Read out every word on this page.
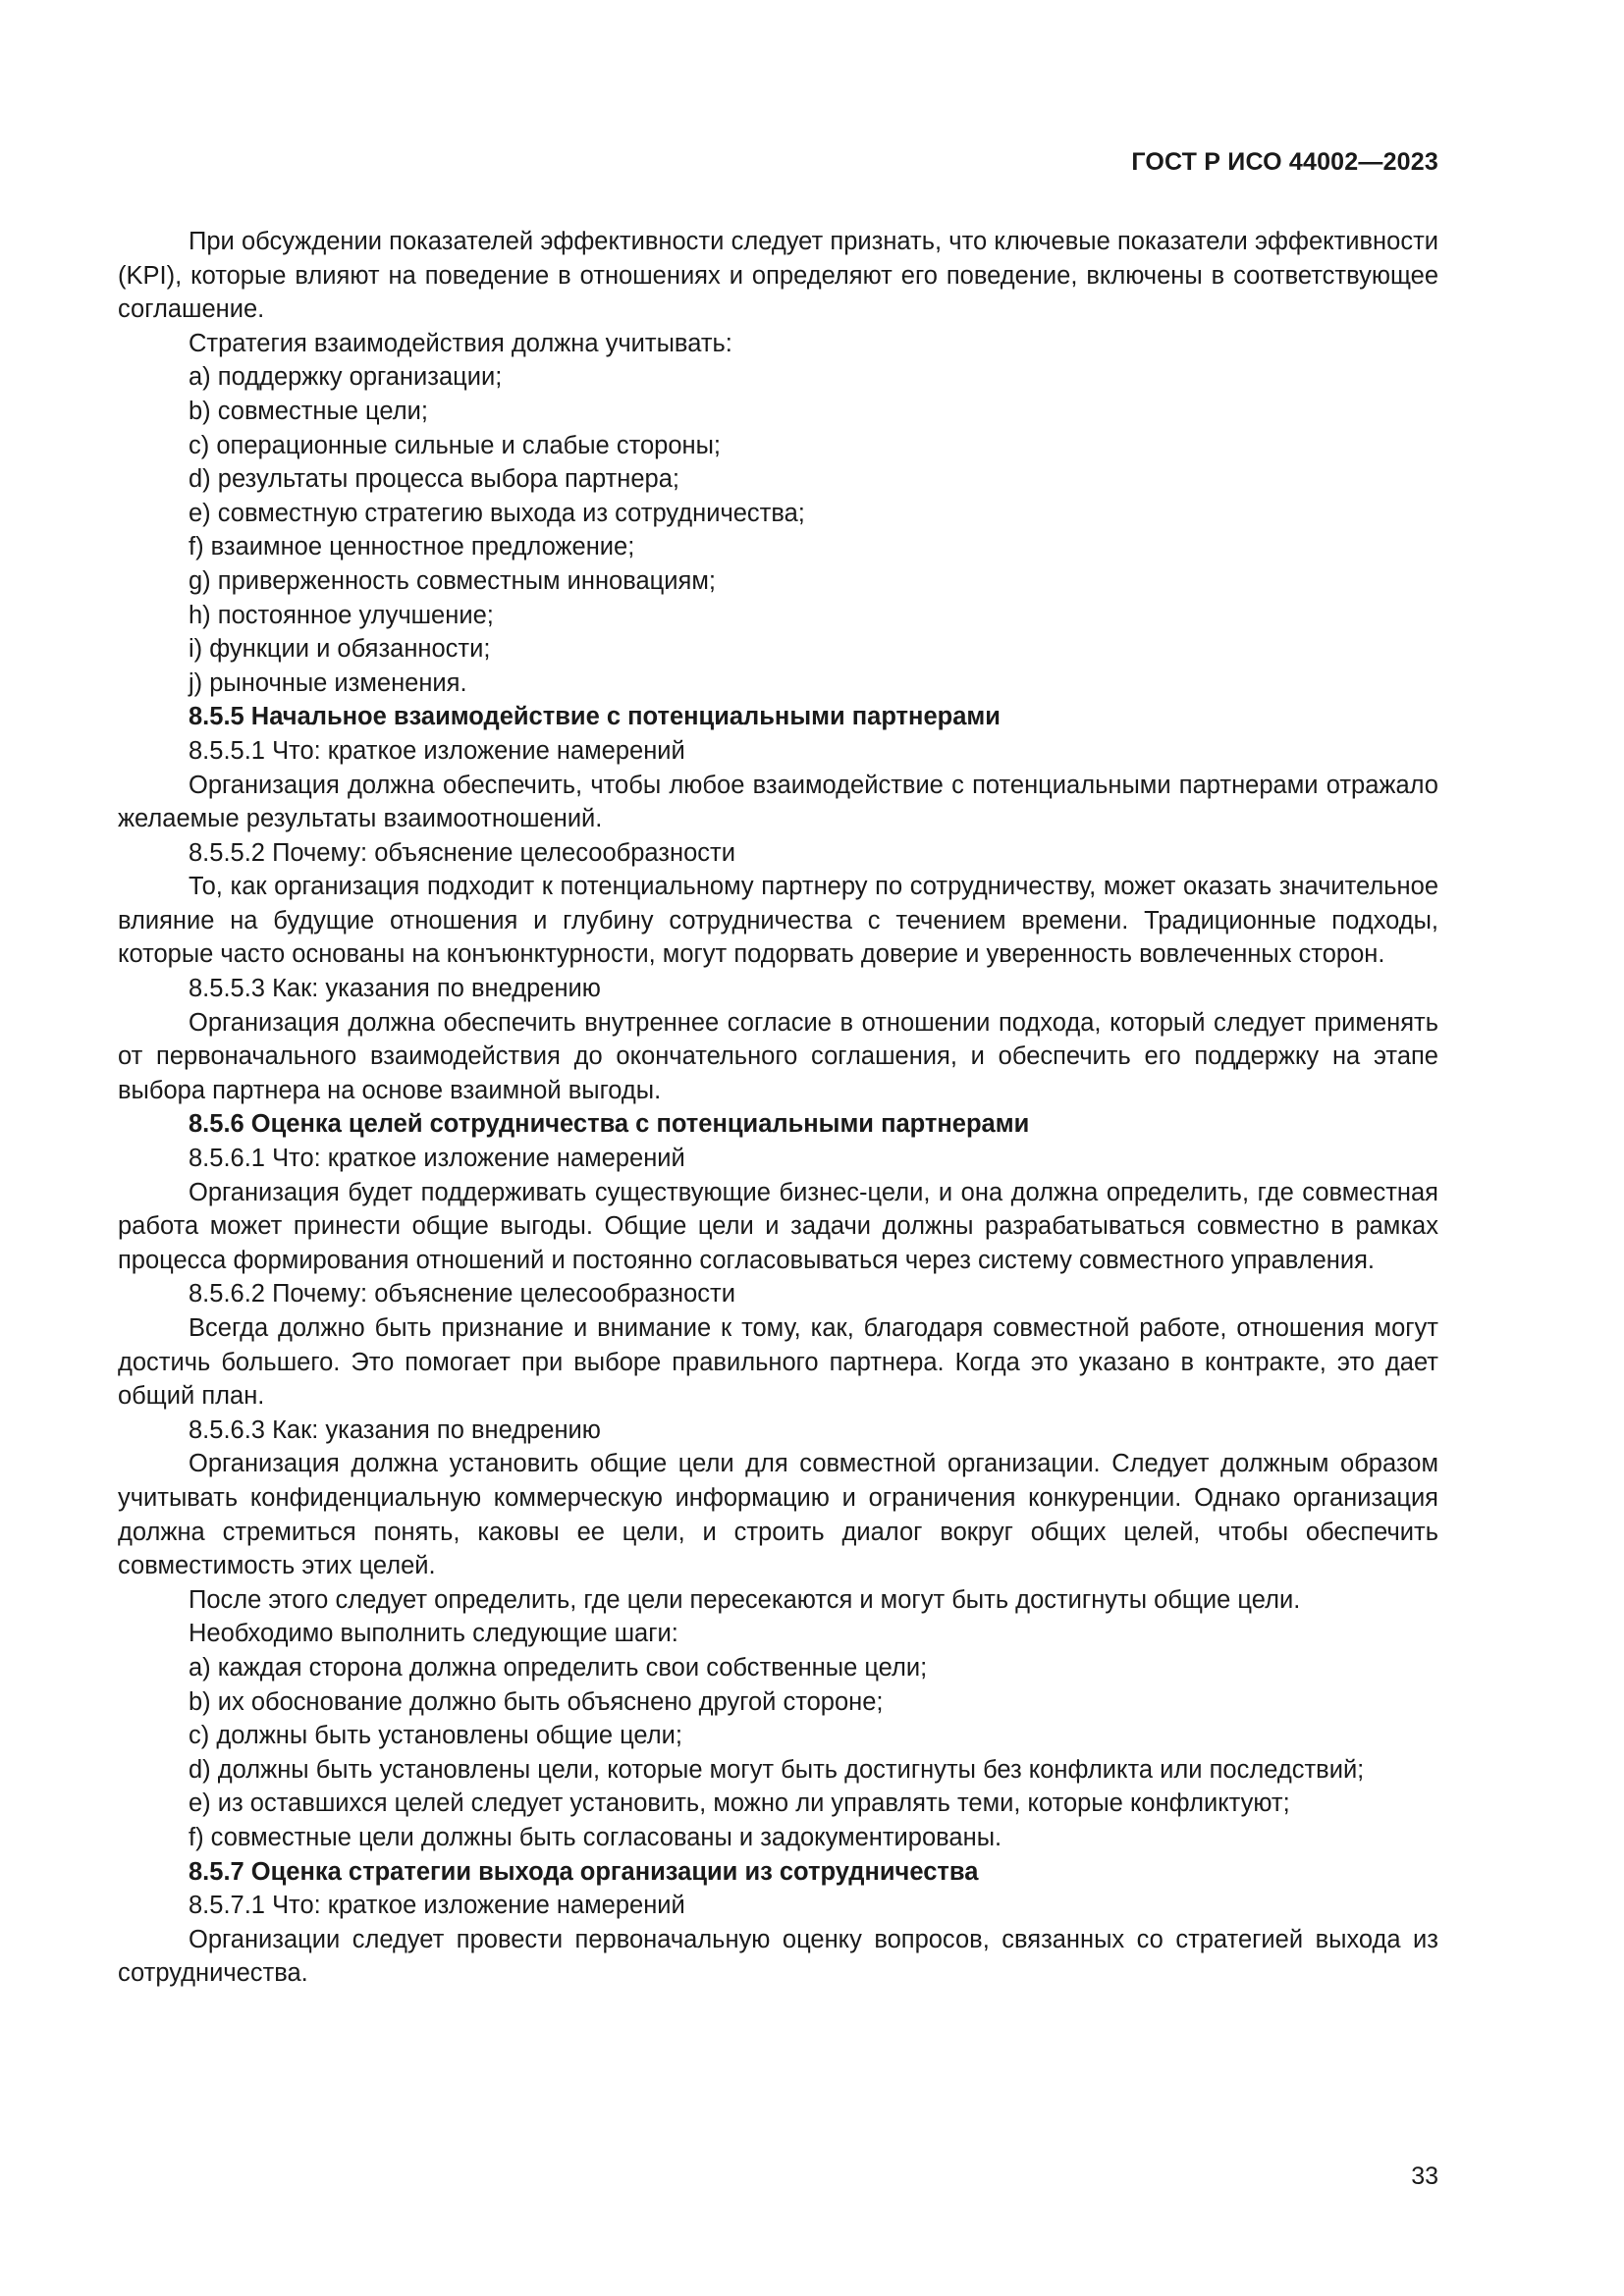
ГОСТ Р ИСО 44002—2023

При обсуждении показателей эффективности следует признать, что ключевые показатели эффективности (KPI), которые влияют на поведение в отношениях и определяют его поведение, включены в соответствующее соглашение.

Стратегия взаимодействия должна учитывать:

a) поддержку организации;

b) совместные цели;

c) операционные сильные и слабые стороны;

d) результаты процесса выбора партнера;

e) совместную стратегию выхода из сотрудничества;

f) взаимное ценностное предложение;

g) приверженность совместным инновациям;

h) постоянное улучшение;

i) функции и обязанности;

j) рыночные изменения.

8.5.5 Начальное взаимодействие с потенциальными партнерами

8.5.5.1 Что: краткое изложение намерений

Организация должна обеспечить, чтобы любое взаимодействие с потенциальными партнерами отражало желаемые результаты взаимоотношений.

8.5.5.2 Почему: объяснение целесообразности

То, как организация подходит к потенциальному партнеру по сотрудничеству, может оказать значительное влияние на будущие отношения и глубину сотрудничества с течением времени. Традиционные подходы, которые часто основаны на конъюнктурности, могут подорвать доверие и уверенность вовлеченных сторон.

8.5.5.3 Как: указания по внедрению

Организация должна обеспечить внутреннее согласие в отношении подхода, который следует применять от первоначального взаимодействия до окончательного соглашения, и обеспечить его поддержку на этапе выбора партнера на основе взаимной выгоды.

8.5.6 Оценка целей сотрудничества с потенциальными партнерами

8.5.6.1 Что: краткое изложение намерений

Организация будет поддерживать существующие бизнес-цели, и она должна определить, где совместная работа может принести общие выгоды. Общие цели и задачи должны разрабатываться совместно в рамках процесса формирования отношений и постоянно согласовываться через систему совместного управления.

8.5.6.2 Почему: объяснение целесообразности

Всегда должно быть признание и внимание к тому, как, благодаря совместной работе, отношения могут достичь большего. Это помогает при выборе правильного партнера. Когда это указано в контракте, это дает общий план.

8.5.6.3 Как: указания по внедрению

Организация должна установить общие цели для совместной организации. Следует должным образом учитывать конфиденциальную коммерческую информацию и ограничения конкуренции. Однако организация должна стремиться понять, каковы ее цели, и строить диалог вокруг общих целей, чтобы обеспечить совместимость этих целей.

После этого следует определить, где цели пересекаются и могут быть достигнуты общие цели.

Необходимо выполнить следующие шаги:

a) каждая сторона должна определить свои собственные цели;

b) их обоснование должно быть объяснено другой стороне;

c) должны быть установлены общие цели;

d) должны быть установлены цели, которые могут быть достигнуты без конфликта или последствий;

e) из оставшихся целей следует установить, можно ли управлять теми, которые конфликтуют;

f) совместные цели должны быть согласованы и задокументированы.

8.5.7 Оценка стратегии выхода организации из сотрудничества

8.5.7.1 Что: краткое изложение намерений

Организации следует провести первоначальную оценку вопросов, связанных со стратегией выхода из сотрудничества.

33
